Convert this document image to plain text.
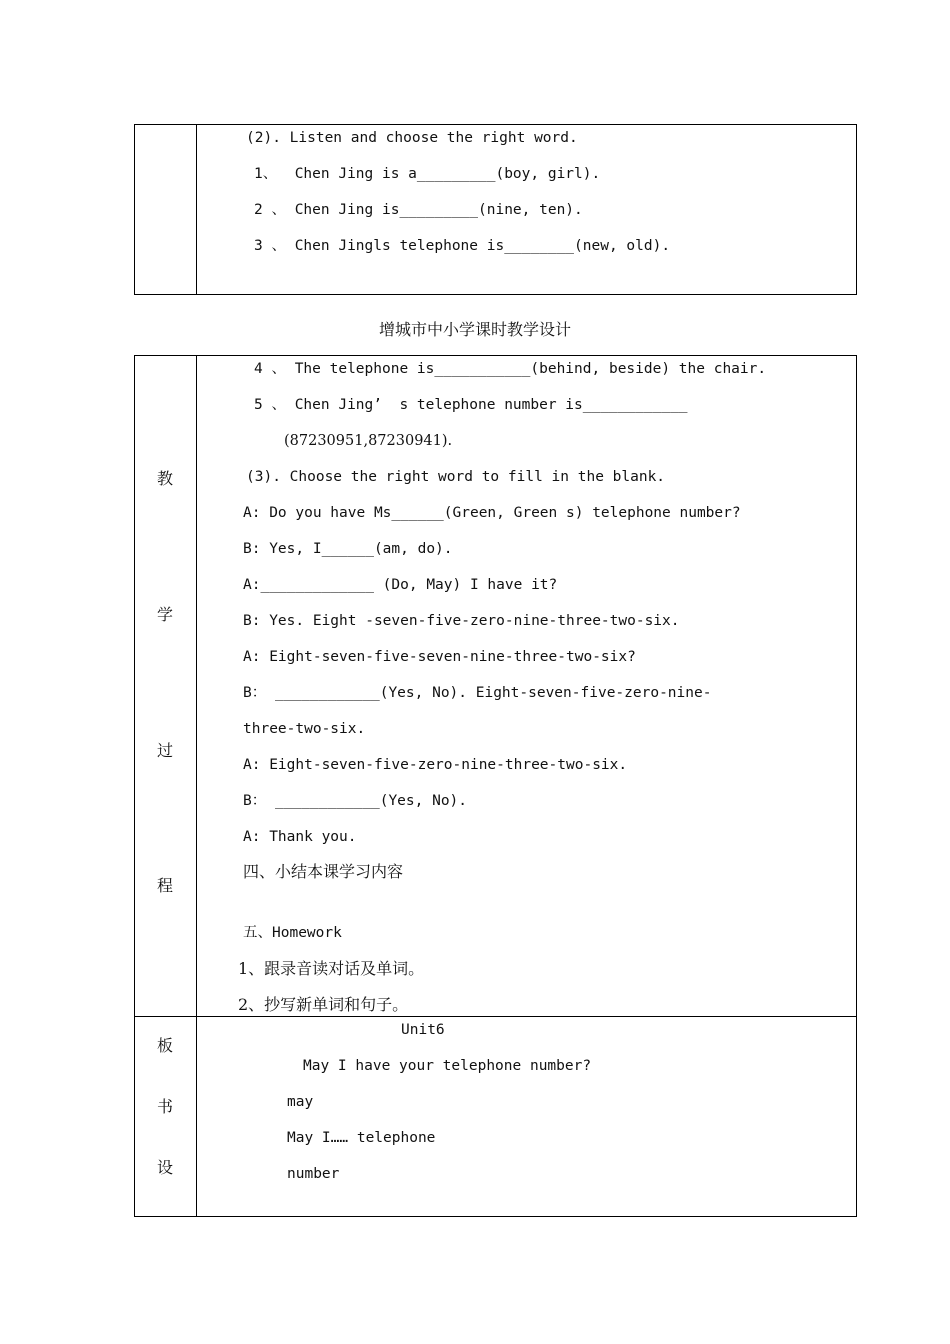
(2). Listen and choose the right word.
1、  Chen Jing is a_________(boy, girl).
2 、 Chen Jing is_________(nine, ten).
3 、 Chen Jingls telephone is________(new, old).
增城市中小学课时教学设计
教
学
过
程
4 、 The telephone is___________(behind, beside) the chair.
5 、 Chen Jing’  s telephone number is____________
(87230951,87230941).
(3). Choose the right word to fill in the blank.
A: Do you have Ms______(Green, Green s) telephone number?
B: Yes, I______(am, do).
A:_____________ (Do, May) I have it?
B: Yes. Eight -seven-five-zero-nine-three-two-six.
A: Eight-seven-five-seven-nine-three-two-six?
B： ____________(Yes, No). Eight-seven-five-zero-nine-
three-two-six.
A: Eight-seven-five-zero-nine-three-two-six.
B： ____________(Yes, No).
A: Thank you.
四、小结本课学习内容
五、Homework
1、跟录音读对话及单词。
2、抄写新单词和句子。
板
书
设
Unit6
May I have your telephone number?
may
May I…… telephone
number
